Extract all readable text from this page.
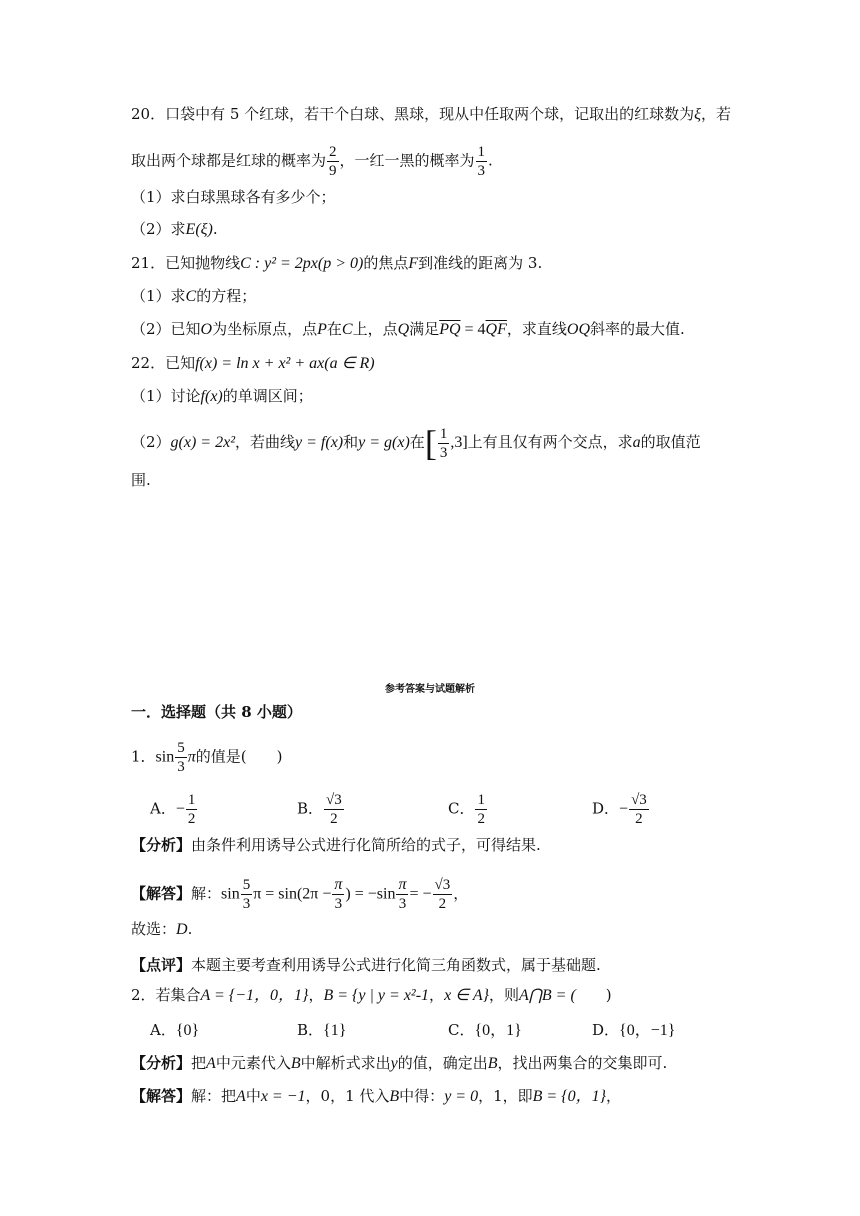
20．口袋中有 5 个红球，若干个白球、黑球，现从中任取两个球，记取出的红球数为ξ，若
取出两个球都是红球的概率为 $\frac{2}{9}$ ，一红一黑的概率为 $\frac{1}{3}$ .
（1）求白球黑球各有多少个；
（2）求E(ξ).
21．已知抛物线C : y² = 2px(p > 0)的焦点F到准线的距离为 3.
（1）求C的方程；
（2）已知O为坐标原点，点P在C上，点Q满足$\overline{PQ} = 4\overline{QF}$，求直线OQ斜率的最大值.
22．已知f(x) = ln x + x² + ax(a ∈ R)
（1）讨论f(x)的单调区间；
（2）g(x) = 2x²，若曲线y = f(x)和y = g(x)在[ $\frac{1}{3} ,3$]上有且仅有两个交点，求a的取值范
围.
参考答案与试题解析
一．选择题（共 8 小题）
1．$\sin \frac{5}{3}$ π的值是(　　)
A．− $\frac{1}{2}$	B． $\frac{√3}{2}$	C． $\frac{1}{2}$	D．− $\frac{√3}{2}$
【分析】由条件利用诱导公式进行化简所给的式子，可得结果.
【解答】解：$\sin \frac{5}{3}$ $\pi = \sin(2\pi - \frac{\pi}{3}$ ) = $-\sin \frac{\pi}{3}$ = − $\frac{√3}{2}$ ，
故选：D.
【点评】本题主要考查利用诱导公式进行化简三角函数式，属于基础题.
2．若集合A = {−1，0，1}，B = {y | y = x²-1，x ∈ A}，则A⋂B = (　　)
A．{0}	B．{1}	C．{0，1}	D．{0，−1}
【分析】把A中元素代入B中解析式求出y的值，确定出B，找出两集合的交集即可.
【解答】解：把A中x = −1，0，1 代入B中得：y = 0，1，即B = {0，1}，
